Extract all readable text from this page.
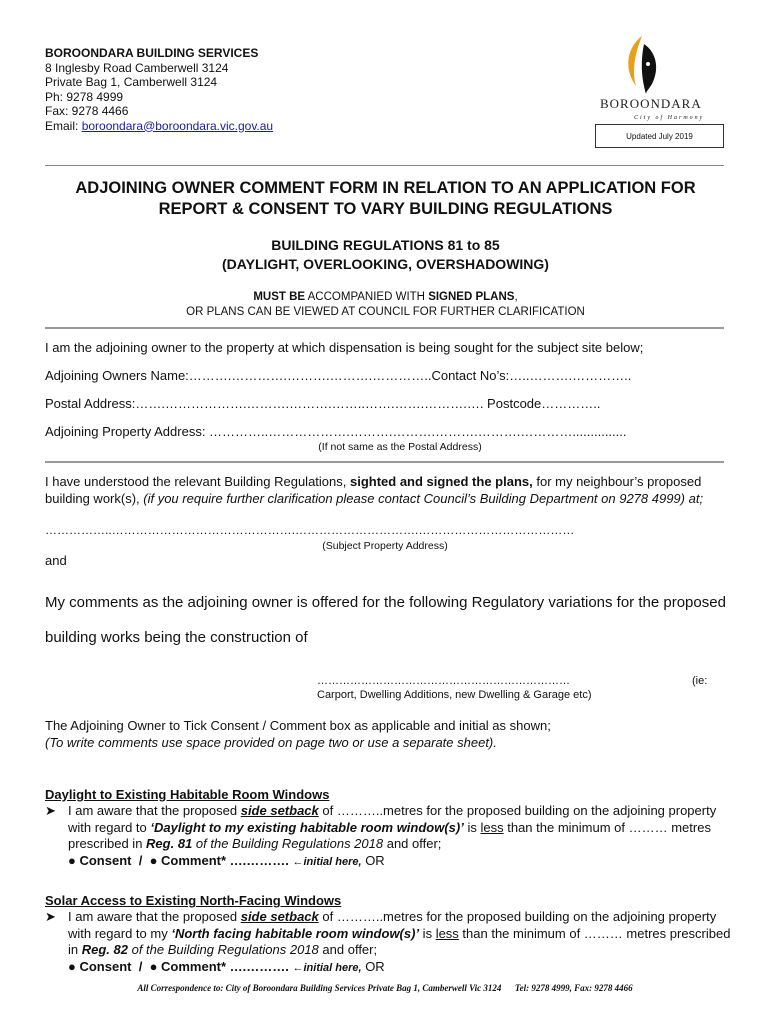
BOROONDARA BUILDING SERVICES
8 Inglesby Road Camberwell 3124
Private Bag 1, Camberwell 3124
Ph: 9278 4999
Fax: 9278 4466
Email: boroondara@boroondara.vic.gov.au
BOROONDARA
City of Harmony
Updated July 2019
ADJOINING OWNER COMMENT FORM IN RELATION TO AN APPLICATION FOR
REPORT & CONSENT TO VARY BUILDING REGULATIONS
BUILDING REGULATIONS 81 to 85
(DAYLIGHT, OVERLOOKING, OVERSHADOWING)
MUST BE ACCOMPANIED WITH SIGNED PLANS,
OR PLANS CAN BE VIEWED AT COUNCIL FOR FURTHER CLARIFICATION
I am the adjoining owner to the property at which dispensation is being sought for the subject site below;
Adjoining Owners Name:……….………….……….……….…………..Contact No’s:…..……….…………..
Postal Address:…….……………….……….……….……..…….…….……….…. Postcode…………..
Adjoining Property Address: …………..……………….……….……….……….……….…………...............
(If not same as the Postal Address)
I have understood the relevant Building Regulations, sighted and signed the plans, for my neighbour’s proposed building work(s), (if you require further clarification please contact Council’s Building Department on 9278 4999) at;
……………..……………………………………….………………………….…………………………………
(Subject Property Address)
and
My comments as the adjoining owner is offered for the following Regulatory variations for the proposed
building works being the construction of
……………………………………………………………	(ie:
Carport, Dwelling Additions, new Dwelling & Garage etc)
The Adjoining Owner to Tick Consent / Comment box as applicable and initial as shown;
(To write comments use space provided on page two or use a separate sheet).
Daylight to Existing Habitable Room Windows
➤ I am aware that the proposed side setback of ………..metres for the proposed building on the adjoining property with regard to ‘Daylight to my existing habitable room window(s)’ is less than the minimum of ……… metres prescribed in Reg. 81 of the Building Regulations 2018 and offer;
● Consent / ● Comment* ….………. ←initial here, OR
Solar Access to Existing North-Facing Windows
➤ I am aware that the proposed side setback of ………..metres for the proposed building on the adjoining property with regard to my ‘North facing habitable room window(s)’ is less than the minimum of ……… metres prescribed in Reg. 82 of the Building Regulations 2018 and offer;
● Consent / ● Comment* ….………. ←initial here, OR
All Correspondence to: City of Boroondara Building Services Private Bag 1, Camberwell Vic 3124 Tel: 9278 4999, Fax: 9278 4466
